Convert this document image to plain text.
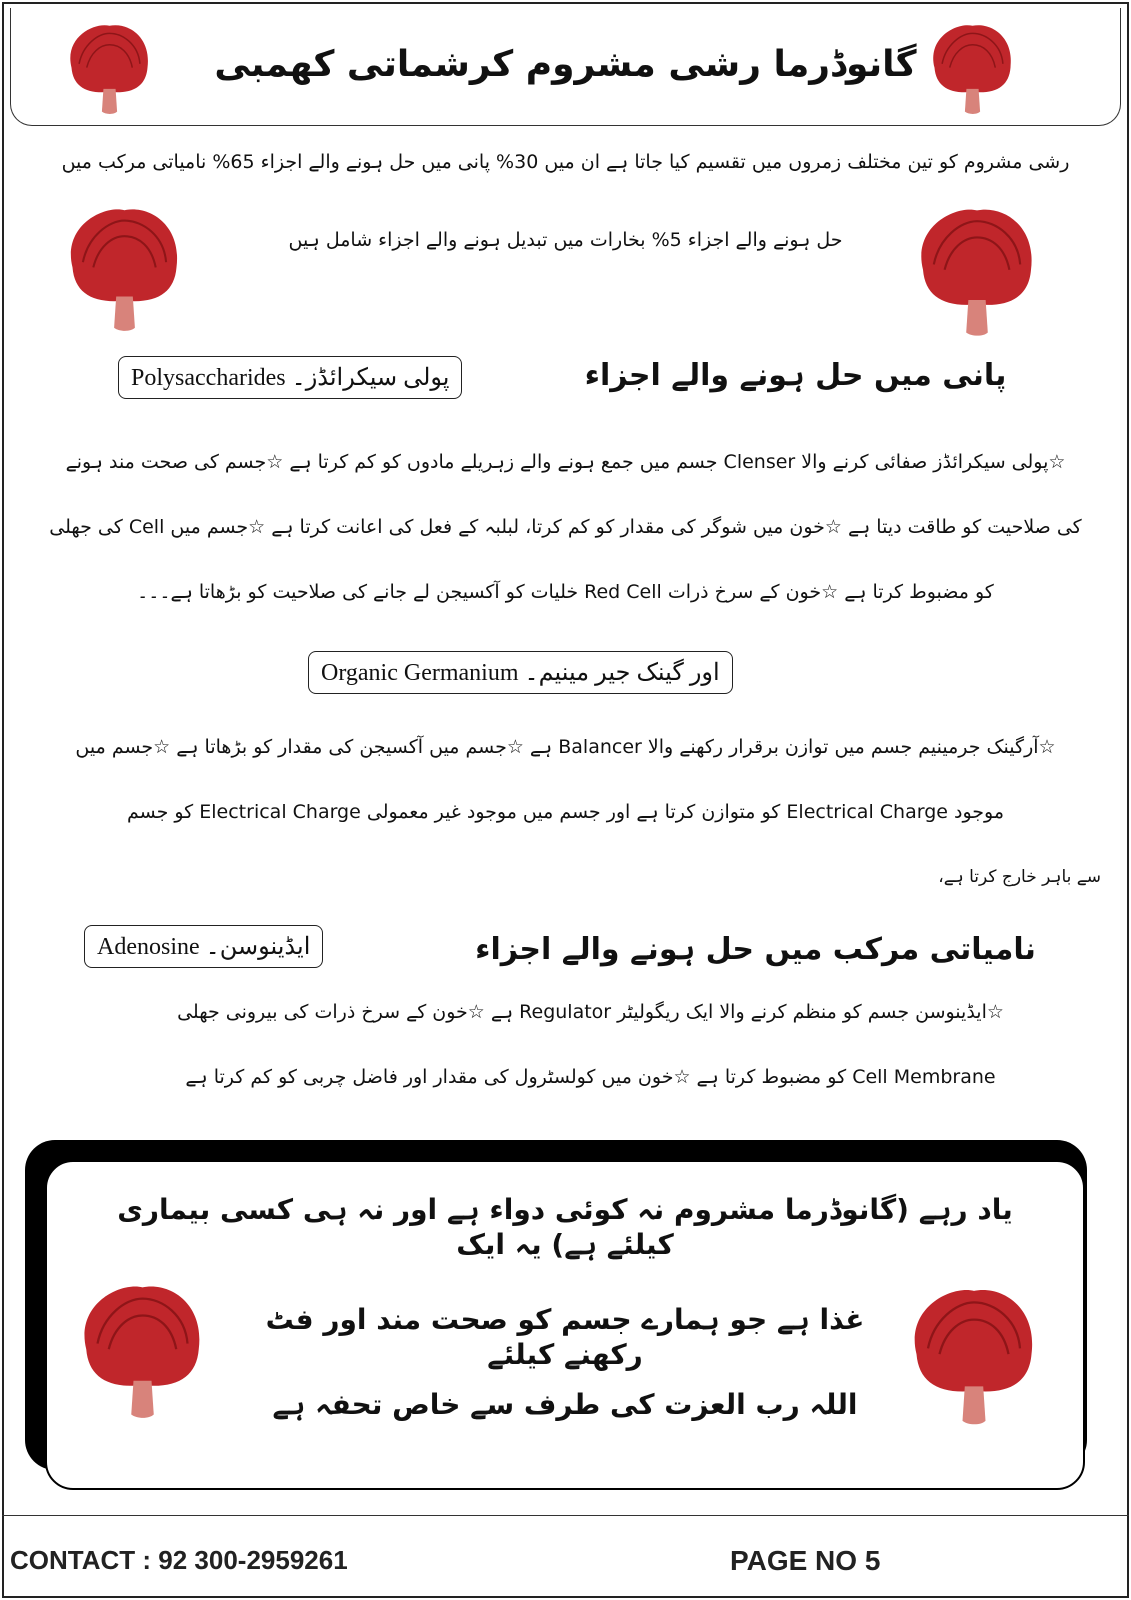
گانوڈرما رشی مشروم کرشماتی کھمبی
رشی مشروم کو تین مختلف زمروں میں تقسیم کیا جاتا ہے ان میں 30% پانی میں حل ہونے والے اجزاء 65% نامیاتی مرکب میں
حل ہونے والے اجزاء 5% بخارات میں تبدیل ہونے والے اجزاء شامل ہیں
پولی سیکرائڈز۔ Polysaccharides	پانی میں حل ہونے والے اجزاء
☆پولی سیکرائڈز صفائی کرنے والا Clenser جسم میں جمع ہونے والے زہریلے مادوں کو کم کرتا ہے ☆جسم کی صحت مند ہونے
کی صلاحیت کو طاقت دیتا ہے ☆خون میں شوگر کی مقدار کو کم کرتا، لبلبہ کے فعل کی اعانت کرتا ہے ☆جسم میں Cell کی جھلی
کو مضبوط کرتا ہے ☆خون کے سرخ ذرات Red Cell خلیات کو آکسیجن لے جانے کی صلاحیت کو بڑھاتا ہے۔۔۔
اور گینک جیر مینیم۔ Organic Germanium
☆آرگینک جرمینیم جسم میں توازن برقرار رکھنے والا Balancer ہے ☆جسم میں آکسیجن کی مقدار کو بڑھاتا ہے ☆جسم میں
موجود Electrical Charge کو متوازن کرتا ہے اور جسم میں موجود غیر معمولی Electrical Charge کو جسم
سے باہر خارج کرتا ہے،
ایڈینوسن۔ Adenosine	نامیاتی مرکب میں حل ہونے والے اجزاء
☆ایڈینوسن جسم کو منظم کرنے والا ایک ریگولیٹر Regulator ہے ☆خون کے سرخ ذرات کی بیرونی جھلی
Cell Membrane کو مضبوط کرتا ہے ☆خون میں کولسٹرول کی مقدار اور فاضل چربی کو کم کرتا ہے
یاد رہے (گانوڈرما مشروم نہ کوئی دواء ہے اور نہ ہی کسی بیماری کیلئے ہے) یہ ایک
غذا ہے جو ہمارے جسم کو صحت مند اور فٹ رکھنے کیلئے
اللہ رب العزت کی طرف سے خاص تحفہ ہے
CONTACT : 92 300-2959261	PAGE NO 5
